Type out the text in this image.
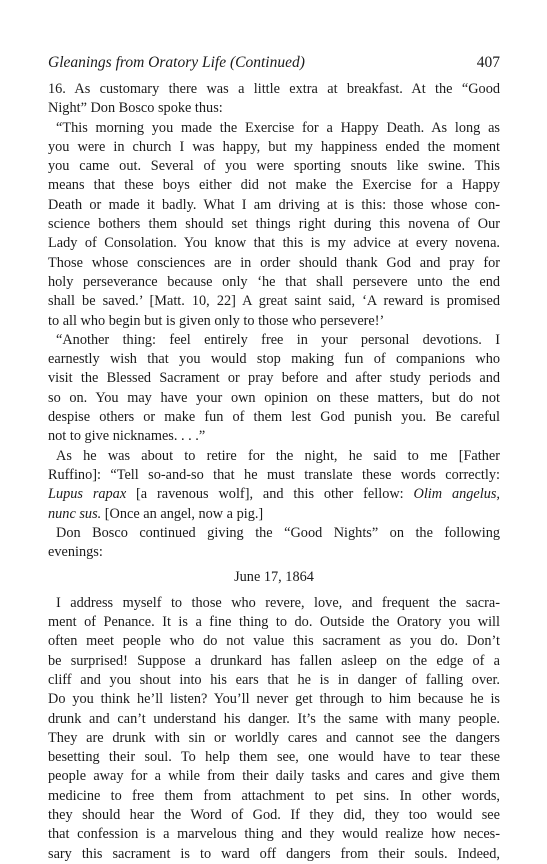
Gleanings from Oratory Life (Continued)	407
16. As customary there was a little extra at breakfast. At the “Good
Night” Don Bosco spoke thus:
“This morning you made the Exercise for a Happy Death. As long as
you were in church I was happy, but my happiness ended the moment
you came out. Several of you were sporting snouts like swine. This
means that these boys either did not make the Exercise for a Happy
Death or made it badly. What I am driving at is this: those whose con-
science bothers them should set things right during this novena of Our
Lady of Consolation. You know that this is my advice at every novena.
Those whose consciences are in order should thank God and pray for
holy perseverance because only ‘he that shall persevere unto the end
shall be saved.’ [Matt. 10, 22] A great saint said, ‘A reward is promised
to all who begin but is given only to those who persevere!’
“Another thing: feel entirely free in your personal devotions. I
earnestly wish that you would stop making fun of companions who
visit the Blessed Sacrament or pray before and after study periods and
so on. You may have your own opinion on these matters, but do not
despise others or make fun of them lest God punish you. Be careful
not to give nicknames. . . .”
As he was about to retire for the night, he said to me [Father
Ruffino]: “Tell so-and-so that he must translate these words correctly:
Lupus rapax [a ravenous wolf], and this other fellow: Olim angelus,
nunc sus. [Once an angel, now a pig.]
Don Bosco continued giving the “Good Nights” on the following
evenings:
June 17, 1864
I address myself to those who revere, love, and frequent the sacra-
ment of Penance. It is a fine thing to do. Outside the Oratory you will
often meet people who do not value this sacrament as you do. Don’t
be surprised! Suppose a drunkard has fallen asleep on the edge of a
cliff and you shout into his ears that he is in danger of falling over.
Do you think he’ll listen? You’ll never get through to him because he is
drunk and can’t understand his danger. It’s the same with many people.
They are drunk with sin or worldly cares and cannot see the dangers
besetting their soul. To help them see, one would have to tear these
people away for a while from their daily tasks and cares and give them
medicine to free them from attachment to pet sins. In other words,
they should hear the Word of God. If they did, they too would see
that confession is a marvelous thing and they would realize how neces-
sary this sacrament is to ward off dangers from their souls. Indeed,
